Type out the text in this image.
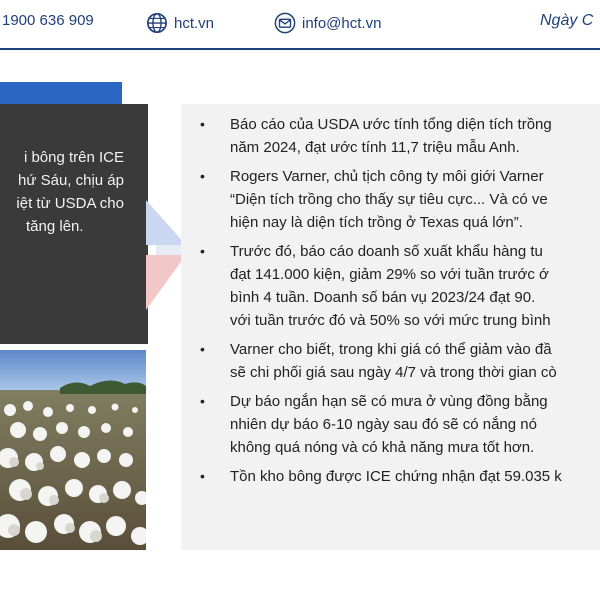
1900 636 909	hct.vn	info@hct.vn	Ngày C

i bông trên ICE

hứ Sáu, chịu áp

iệt từ USDA cho

tăng lên.

• Báo cáo của USDA ước tính tổng diện tích trồng
năm 2024, đạt ước tính 11,7 triệu mẫu Anh.
• Rogers Varner, chủ tịch công ty môi giới Varner
“Diện tích trồng cho thấy sự tiêu cực... Và có ve
hiện nay là diện tích trồng ở Texas quá lớn”.
• Trước đó, báo cáo doanh số xuất khẩu hàng tu
đạt 141.000 kiện, giảm 29% so với tuần trước ớ
bình 4 tuần. Doanh số bán vụ 2023/24 đạt 90.
với tuần trước đó và 50% so với mức trung bình
• Varner cho biết, trong khi giá có thể giảm vào đầ
sẽ chi phối giá sau ngày 4/7 và trong thời gian cò
• Dự báo ngắn hạn sẽ có mưa ở vùng đồng bằng
nhiên dự báo 6-10 ngày sau đó sẽ có nắng nó
không quá nóng và có khả năng mưa tốt hơn.
• Tồn kho bông được ICE chứng nhận đạt 59.035 k
